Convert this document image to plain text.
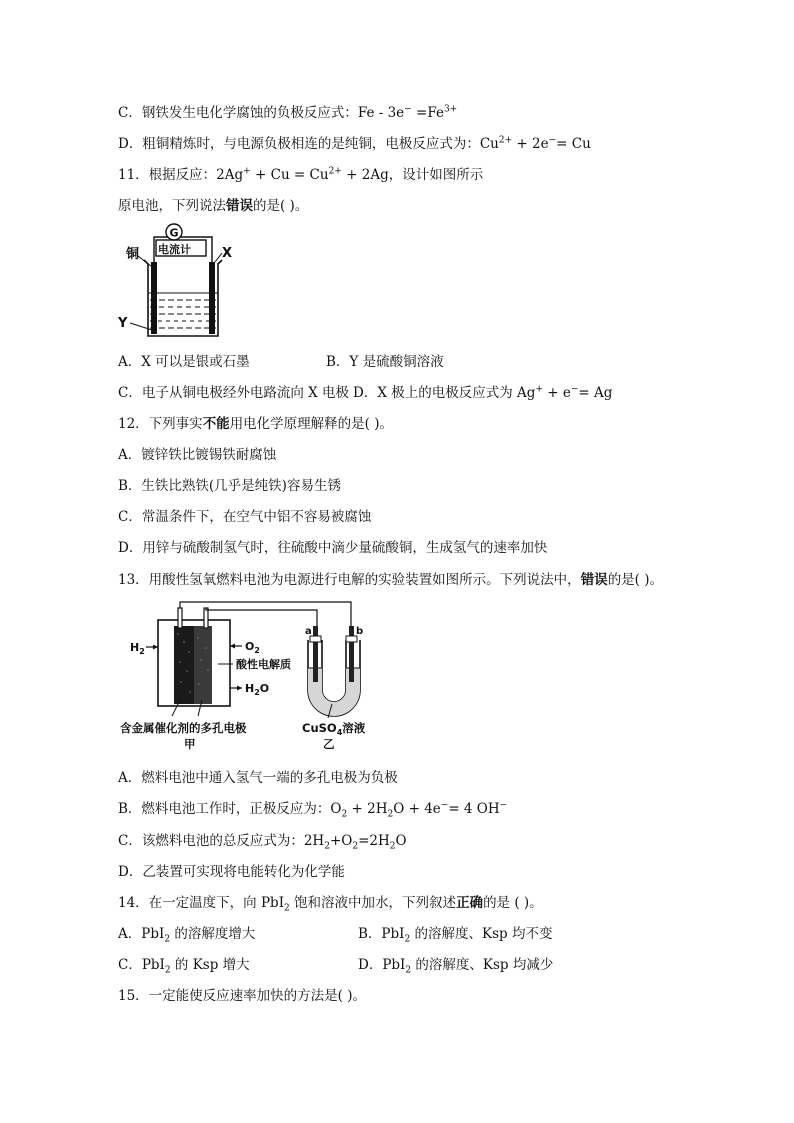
C．钢铁发生电化学腐蚀的负极反应式：$Fe - 3e^- =Fe^{3+}$
D．粗铜精炼时，与电源负极相连的是纯铜，电极反应式为：$Cu^{2+} + 2e^-= Cu$
11．根据反应：$2Ag^+ + Cu = Cu^{2+} + 2Ag$，设计如图所示
原电池，下列说法错误的是( )。
G
电流计
铜	X
Y
A．X 可以是银或石墨	B．Y 是硫酸铜溶液
C．电子从铜电极经外电路流向 X 电极 D．X 极上的电极反应式为 Ag+ + e−= Ag
12．下列事实不能用电化学原理解释的是( )。
A．镀锌铁比镀锡铁耐腐蚀
B．生铁比熟铁(几乎是纯铁)容易生锈
C．常温条件下，在空气中铝不容易被腐蚀
D．用锌与硫酸制氢气时，往硫酸中滴少量硫酸铜，生成氢气的速率加快
13．用酸性氢氧燃料电池为电源进行电解的实验装置如图所示。下列说法中，错误的是( )。
$H_2$	$O_2$
酸性电解质
$H_2O$
含金属催化剂的多孔电极
甲
a	b
CuSO$_4$溶液
乙
A．燃料电池中通入氢气一端的多孔电极为负极
B．燃料电池工作时，正极反应为：$O_2 + 2H_2O + 4e^-= 4$ OH−
C．该燃料电池的总反应式为：$2H_2+O_2=2H_2O$
D．乙装置可实现将电能转化为化学能
14．在一定温度下，向 PbI$_2$ 饱和溶液中加水，下列叙述正确的是 ( )。
A．PbI$_2$ 的溶解度增大	B．PbI$_2$ 的溶解度、Ksp 均不变
C．PbI$_2$ 的 Ksp 增大	D．PbI$_2$ 的溶解度、Ksp 均减少
15．一定能使反应速率加快的方法是( )。
